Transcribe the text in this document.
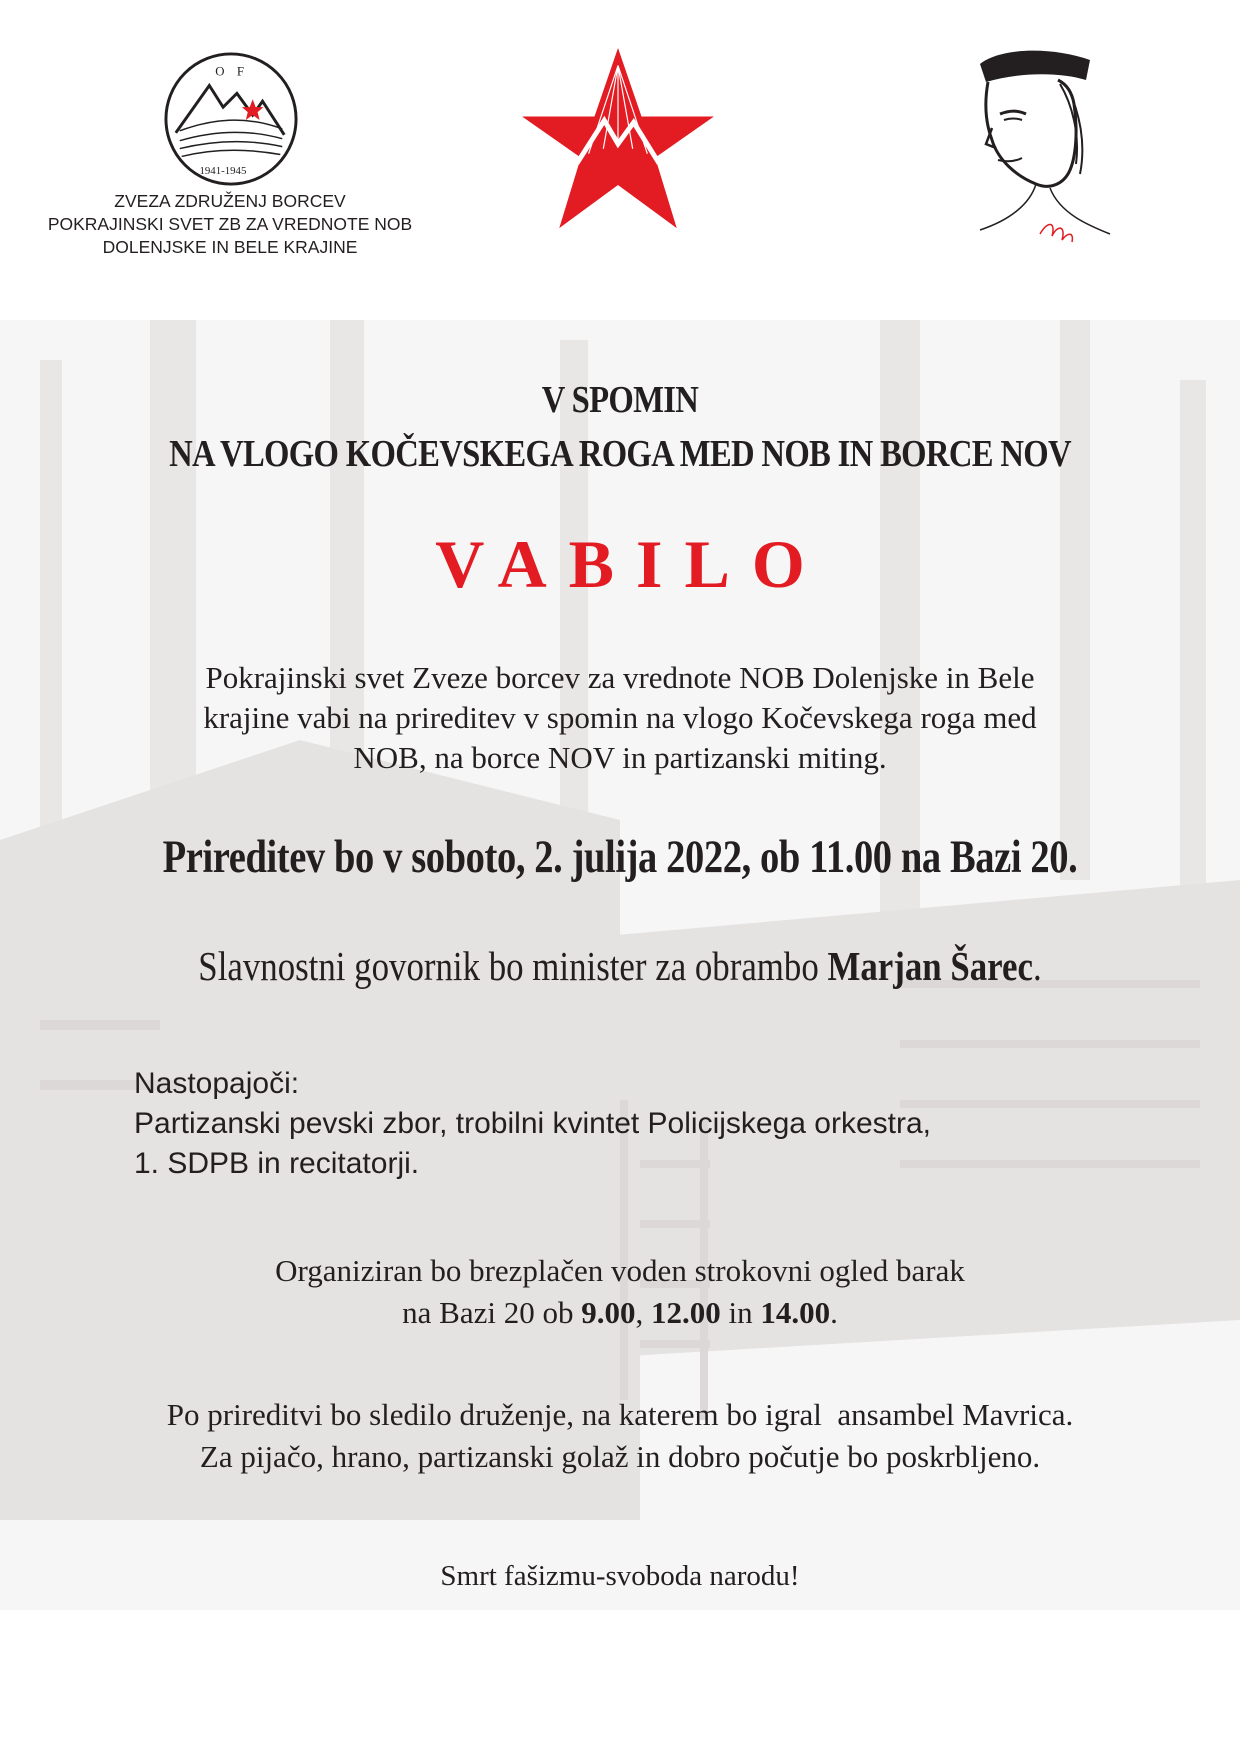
O F
1941-1945
ZVEZA ZDRUŽENJ BORCEV
POKRAJINSKI SVET ZB ZA VREDNOTE NOB
DOLENJSKE IN BELE KRAJINE
V SPOMIN
NA VLOGO KOČEVSKEGA ROGA MED NOB IN BORCE NOV
VABILO
Pokrajinski svet Zveze borcev za vrednote NOB Dolenjske in Bele
krajine vabi na prireditev v spomin na vlogo Kočevskega roga med
NOB, na borce NOV in partizanski miting.
Prireditev bo v soboto, 2. julija 2022, ob 11.00 na Bazi 20.
Slavnostni govornik bo minister za obrambo Marjan Šarec.
Nastopajoči:
Partizanski pevski zbor, trobilni kvintet Policijskega orkestra,
1. SDPB in recitatorji.
Organiziran bo brezplačen voden strokovni ogled barak
na Bazi 20 ob 9.00, 12.00 in 14.00.
Po prireditvi bo sledilo druženje, na katerem bo igral  ansambel Mavrica.
Za pijačo, hrano, partizanski golaž in dobro počutje bo poskrbljeno.
Smrt fašizmu-svoboda narodu!
